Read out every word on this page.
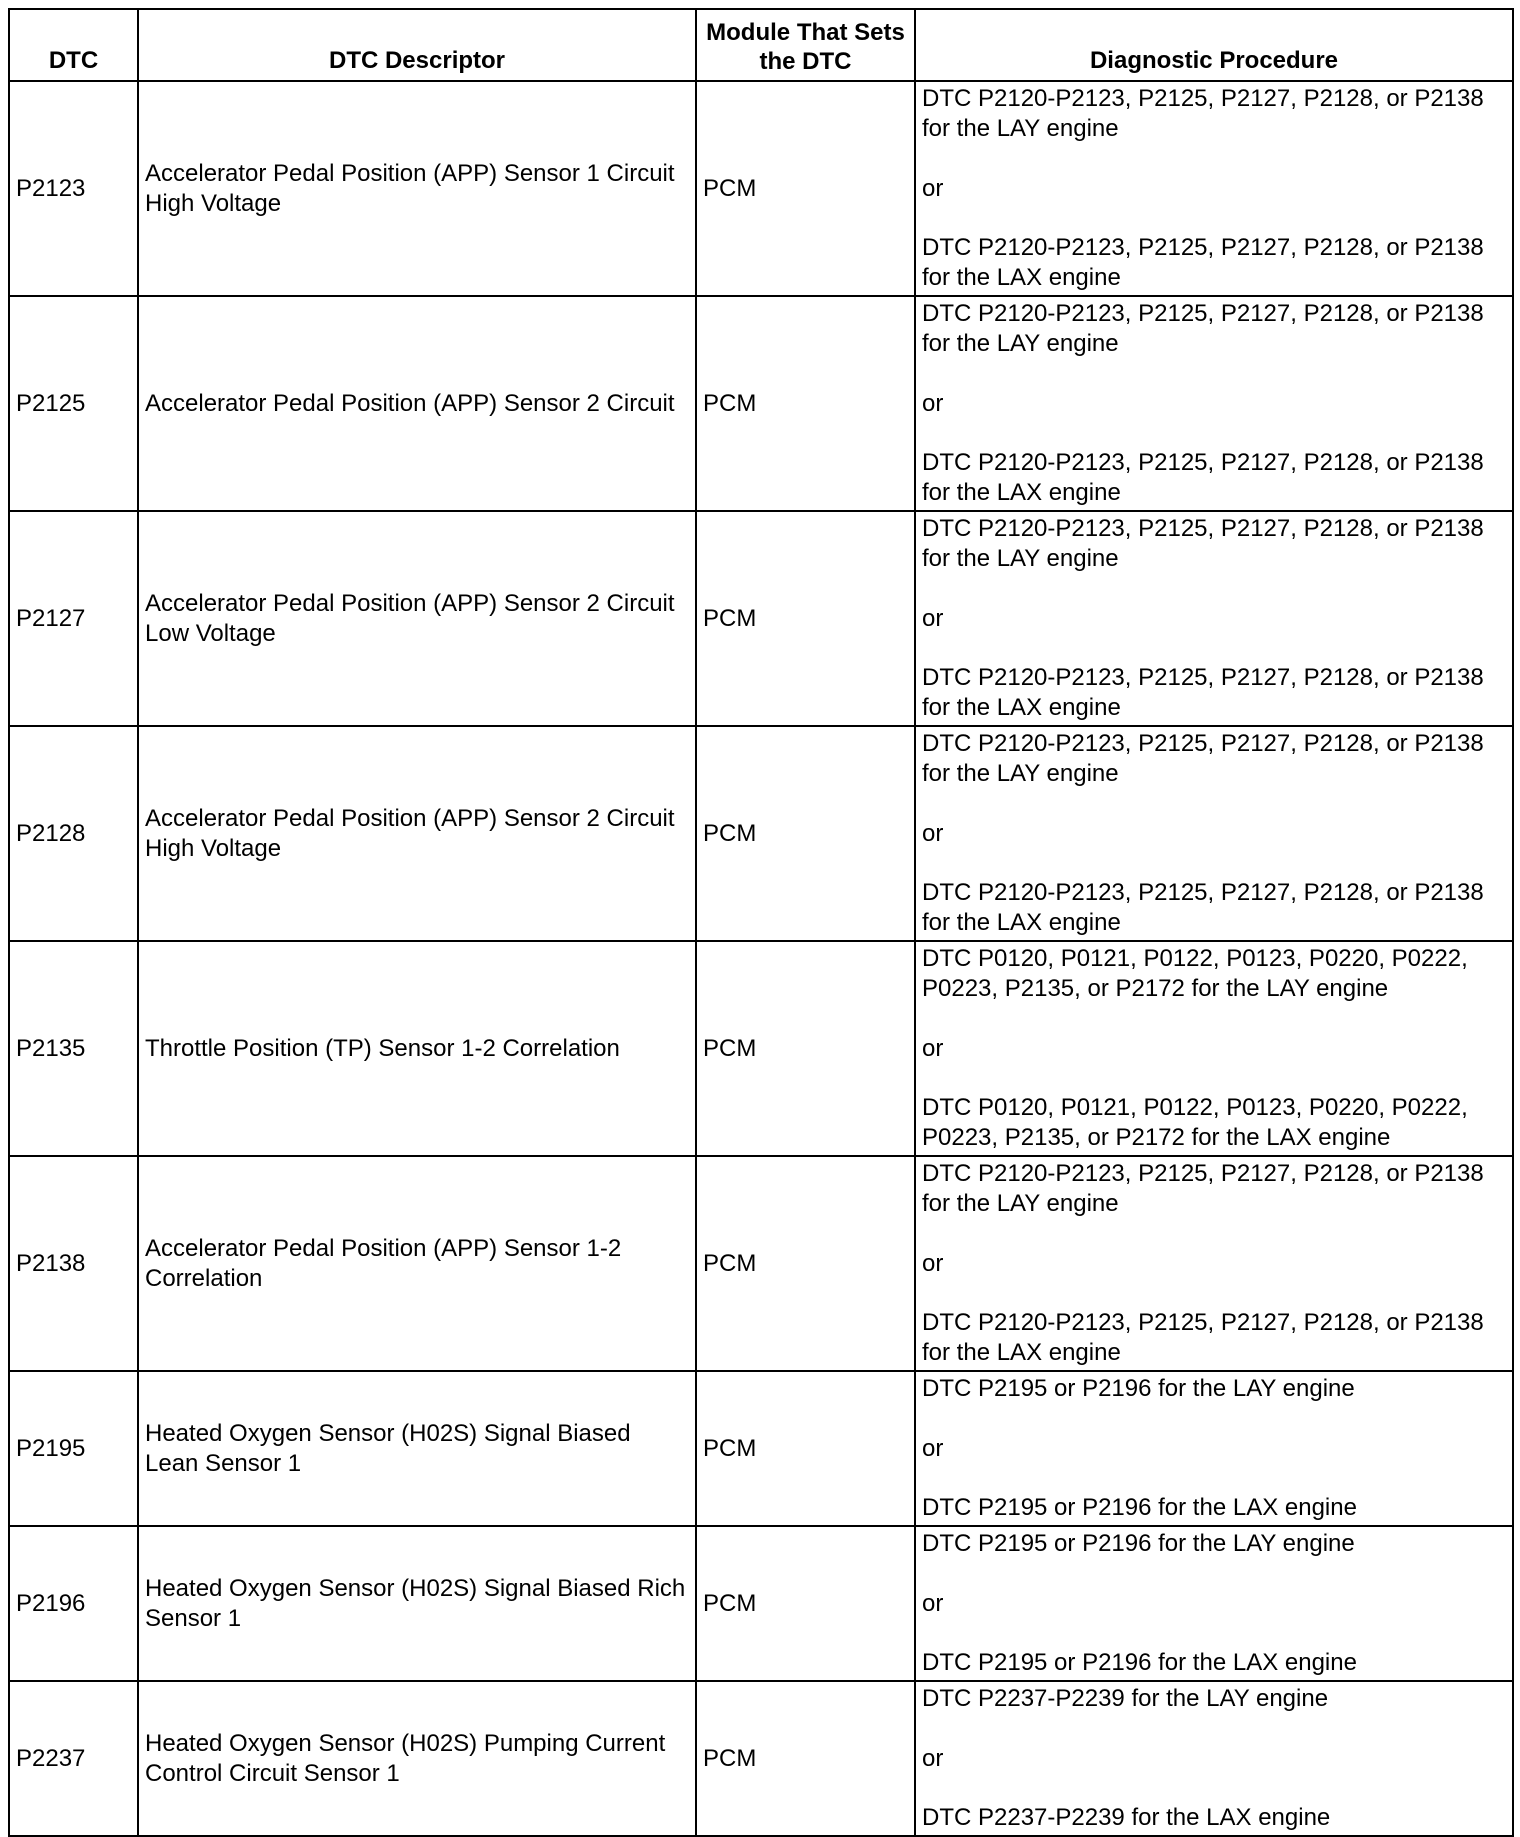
DTC	DTC Descriptor	Module That Sets the DTC	Diagnostic Procedure
P2123	Accelerator Pedal Position (APP) Sensor 1 Circuit High Voltage	PCM	DTC P2120-P2123, P2125, P2127, P2128, or P2138 for the LAY engine
or
DTC P2120-P2123, P2125, P2127, P2128, or P2138 for the LAX engine

P2125	Accelerator Pedal Position (APP) Sensor 2 Circuit	PCM	DTC P2120-P2123, P2125, P2127, P2128, or P2138 for the LAY engine
or
DTC P2120-P2123, P2125, P2127, P2128, or P2138 for the LAX engine

P2127	Accelerator Pedal Position (APP) Sensor 2 Circuit Low Voltage	PCM	DTC P2120-P2123, P2125, P2127, P2128, or P2138 for the LAY engine
or
DTC P2120-P2123, P2125, P2127, P2128, or P2138 for the LAX engine

P2128	Accelerator Pedal Position (APP) Sensor 2 Circuit High Voltage	PCM	DTC P2120-P2123, P2125, P2127, P2128, or P2138 for the LAY engine
or
DTC P2120-P2123, P2125, P2127, P2128, or P2138 for the LAX engine

P2135	Throttle Position (TP) Sensor 1-2 Correlation	PCM	DTC P0120, P0121, P0122, P0123, P0220, P0222, P0223, P2135, or P2172 for the LAY engine
or
DTC P0120, P0121, P0122, P0123, P0220, P0222, P0223, P2135, or P2172 for the LAX engine

P2138	Accelerator Pedal Position (APP) Sensor 1-2 Correlation	PCM	DTC P2120-P2123, P2125, P2127, P2128, or P2138 for the LAY engine
or
DTC P2120-P2123, P2125, P2127, P2128, or P2138 for the LAX engine

P2195	Heated Oxygen Sensor (H02S) Signal Biased Lean Sensor 1	PCM	DTC P2195 or P2196 for the LAY engine
or
DTC P2195 or P2196 for the LAX engine

P2196	Heated Oxygen Sensor (H02S) Signal Biased Rich Sensor 1	PCM	DTC P2195 or P2196 for the LAY engine
or
DTC P2195 or P2196 for the LAX engine

P2237	Heated Oxygen Sensor (H02S) Pumping Current Control Circuit Sensor 1	PCM	DTC P2237-P2239 for the LAY engine
or
DTC P2237-P2239 for the LAX engine
